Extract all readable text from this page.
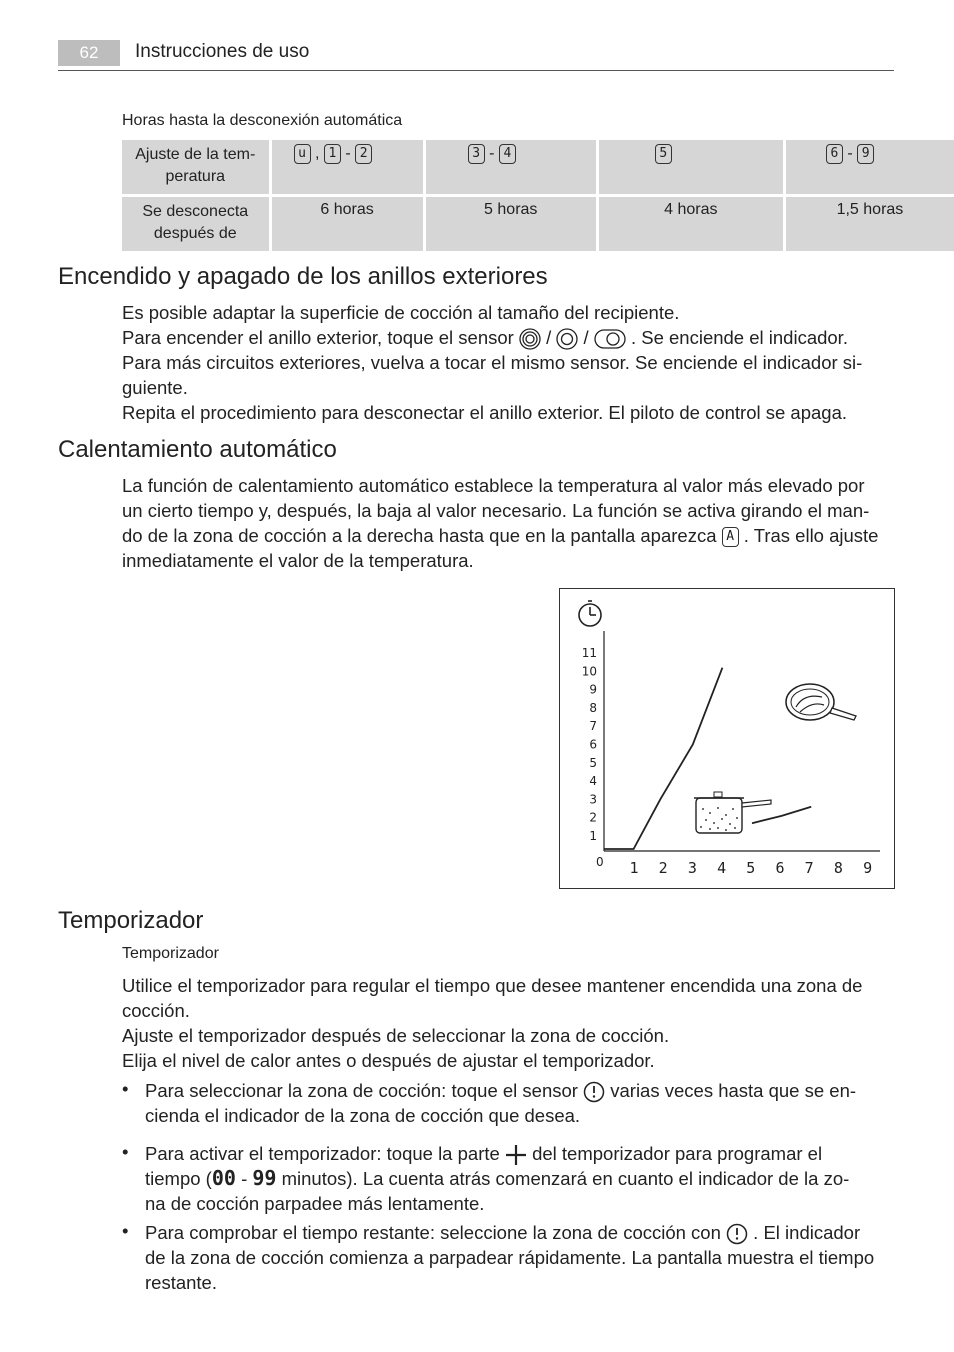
62	Instrucciones de uso
Horas hasta la desconexión automática
Ajuste de la tem-
peratura	u , 1 - 2	3 - 4	5	6 - 9

Se desconecta
después de	6 horas	5 horas	4 horas	1,5 horas
Encendido y apagado de los anillos exteriores
Es posible adaptar la superficie de cocción al tamaño del recipiente.
Para encender el anillo exterior, toque el sensor / / . Se enciende el indicador.
Para más circuitos exteriores, vuelva a tocar el mismo sensor. Se enciende el indicador si-
guiente.
Repita el procedimiento para desconectar el anillo exterior. El piloto de control se apaga.
Calentamiento automático
La función de calentamiento automático establece la temperatura al valor más elevado por
un cierto tiempo y, después, la baja al valor necesario. La función se activa girando el man-
do de la zona de cocción a la derecha hasta que en la pantalla aparezca A . Tras ello ajuste
inmediatamente el valor de la temperatura.
0
11
10
9
8
7
6
5
4
3
2
1
1 2 3 4 5 6 7 8 9
Temporizador
Temporizador
Utilice el temporizador para regular el tiempo que desee mantener encendida una zona de
cocción.
Ajuste el temporizador después de seleccionar la zona de cocción.
Elija el nivel de calor antes o después de ajustar el temporizador.
• Para seleccionar la zona de cocción: toque el sensor varias veces hasta que se en-
cienda el indicador de la zona de cocción que desea.
• Para activar el temporizador: toque la parte del temporizador para programar el
tiempo (00 - 99 minutos). La cuenta atrás comenzará en cuanto el indicador de la zo-
na de cocción parpadee más lentamente.
• Para comprobar el tiempo restante: seleccione la zona de cocción con . El indicador
de la zona de cocción comienza a parpadear rápidamente. La pantalla muestra el tiempo
restante.
